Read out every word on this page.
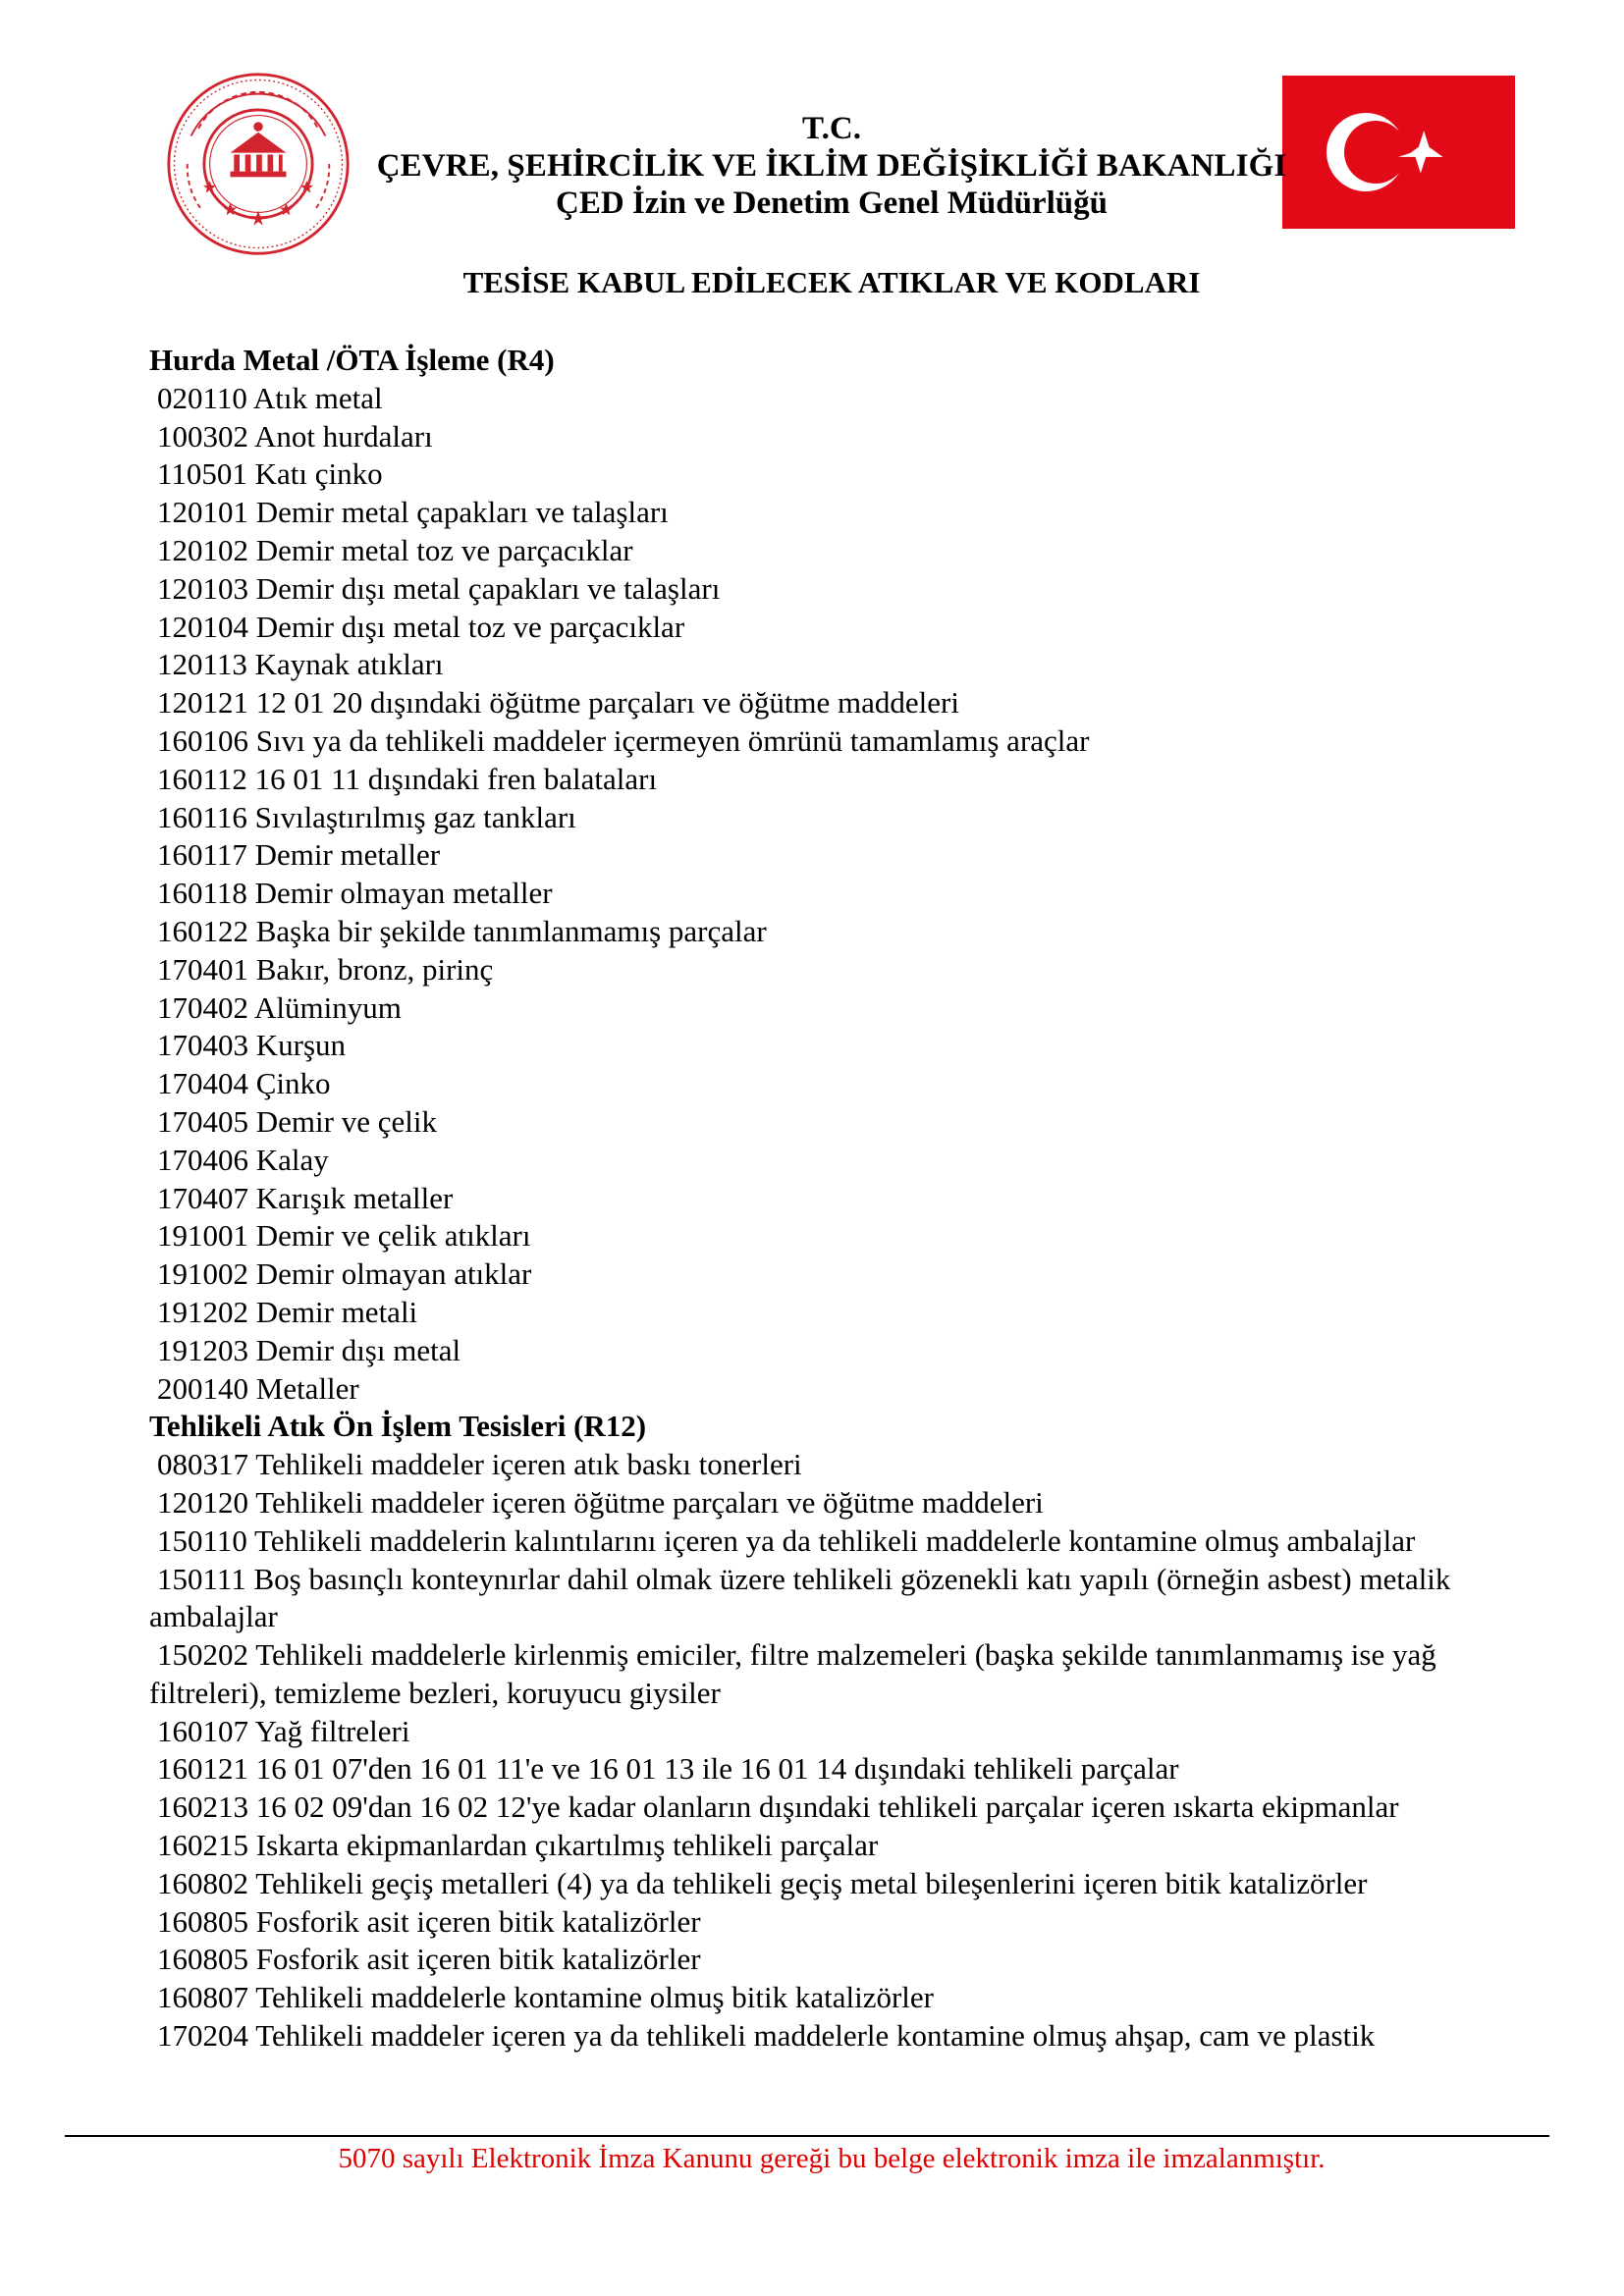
T.C.
ÇEVRE, ŞEHİRCİLİK VE İKLİM DEĞİŞİKLİĞİ BAKANLIĞI
ÇED İzin ve Denetim Genel Müdürlüğü
TESİSE KABUL EDİLECEK ATIKLAR VE KODLARI
Hurda Metal /ÖTA İşleme (R4)
020110 Atık metal
100302 Anot hurdaları
110501 Katı çinko
120101 Demir metal çapakları ve talaşları
120102 Demir metal toz ve parçacıklar
120103 Demir dışı metal çapakları ve talaşları
120104 Demir dışı metal toz ve parçacıklar
120113 Kaynak atıkları
120121 12 01 20 dışındaki öğütme parçaları ve öğütme maddeleri
160106 Sıvı ya da tehlikeli maddeler içermeyen ömrünü tamamlamış araçlar
160112 16 01 11 dışındaki fren balataları
160116 Sıvılaştırılmış gaz tankları
160117 Demir metaller
160118 Demir olmayan metaller
160122 Başka bir şekilde tanımlanmamış parçalar
170401 Bakır, bronz, pirinç
170402 Alüminyum
170403 Kurşun
170404 Çinko
170405 Demir ve çelik
170406 Kalay
170407 Karışık metaller
191001 Demir ve çelik atıkları
191002 Demir olmayan atıklar
191202 Demir metali
191203 Demir dışı metal
200140 Metaller
Tehlikeli Atık Ön İşlem Tesisleri (R12)
080317 Tehlikeli maddeler içeren atık baskı tonerleri
120120 Tehlikeli maddeler içeren öğütme parçaları ve öğütme maddeleri
150110 Tehlikeli maddelerin kalıntılarını içeren ya da tehlikeli maddelerle kontamine olmuş ambalajlar
150111 Boş basınçlı konteynırlar dahil olmak üzere tehlikeli gözenekli katı yapılı (örneğin asbest) metalik ambalajlar
150202 Tehlikeli maddelerle kirlenmiş emiciler, filtre malzemeleri (başka şekilde tanımlanmamış ise yağ filtreleri), temizleme bezleri, koruyucu giysiler
160107 Yağ filtreleri
160121 16 01 07'den 16 01 11'e ve 16 01 13 ile 16 01 14 dışındaki tehlikeli parçalar
160213 16 02 09'dan 16 02 12'ye kadar olanların dışındaki tehlikeli parçalar içeren ıskarta ekipmanlar
160215 Iskarta ekipmanlardan çıkartılmış tehlikeli parçalar
160802 Tehlikeli geçiş metalleri (4) ya da tehlikeli geçiş metal bileşenlerini içeren bitik katalizörler
160805 Fosforik asit içeren bitik katalizörler
160805 Fosforik asit içeren bitik katalizörler
160807 Tehlikeli maddelerle kontamine olmuş bitik katalizörler
170204 Tehlikeli maddeler içeren ya da tehlikeli maddelerle kontamine olmuş ahşap, cam ve plastik
5070 sayılı Elektronik İmza Kanunu gereği bu belge elektronik imza ile imzalanmıştır.
